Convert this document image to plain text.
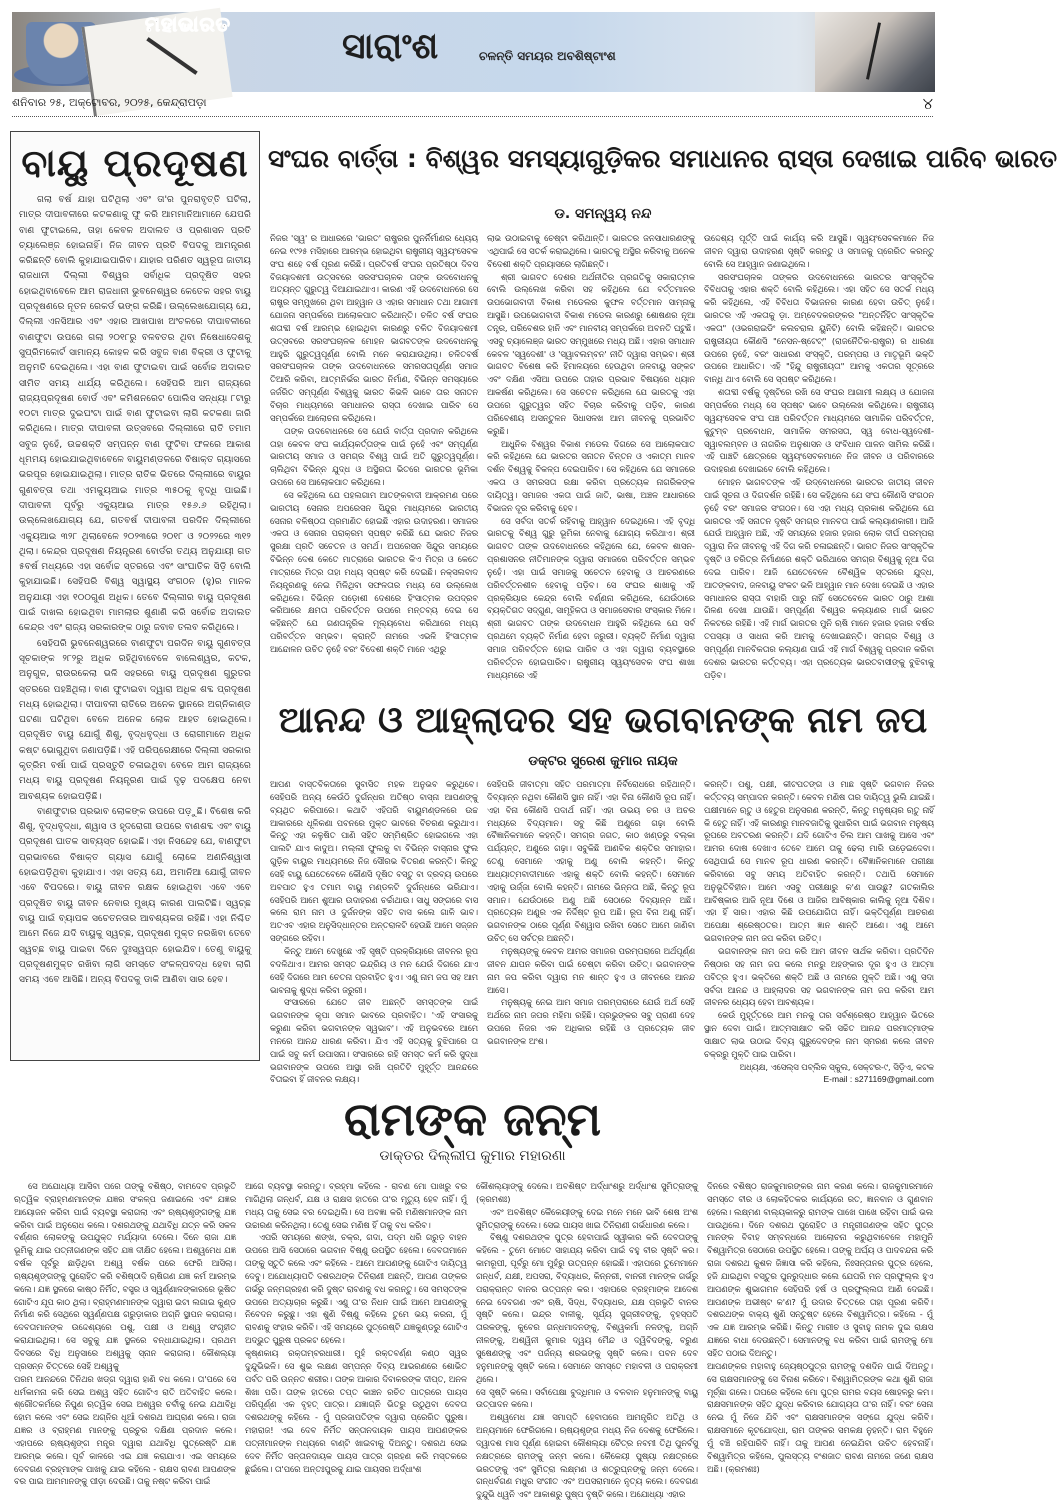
ମହାଭାରତ
ସାରାଂଶ	ଚଳନ୍ତି ସମୟର ଅବଶିଷ୍ଟାଂଶ
ଶନିବାର ୨୫, ଅକ୍ଟୋବର, ୨୦୨୫, କେନ୍ଦ୍ରାପଡ଼ା	୪
ବାୟୁ ପ୍ରଦୂଷଣ

ଗଲା ବର୍ଷ ଯାହା ଘଟିଥିଲା ଏବଂ ତା'ର ପୁନରାବୃତ୍ତି ଘଟିଲା, ମାତ୍ର ଦୀପାବଳୀରେ କଟକଣାକୁ ଫୁ କରି ଆମମାନିଆମାନେ ଯେପରି ବାଣ ଫୁଟାଇଲେ, ତାହା କେବଳ ଅଦାଲତ ଓ ପ୍ରଶାସନ ପ୍ରତି ଚ୍ୟାଲେଞ୍ଜ ହୋଇନାହିଁ। ନିଜ ଜୀବନ ପ୍ରତି ବିପଦକୁ ଆମନ୍ତ୍ରଣ କରିଛନ୍ତି ବୋଲି କୁହାଯାଇପାରିବ। ଯାହାର ପରିଣତ ସ୍ୱରୂପ ଜାତୀୟ ରାଜଧାନୀ ଦିଲ୍ଲୀ ବିଶ୍ୱର ସର୍ବାଧିକ ପ୍ରଦୂଷିତ ସହର ହୋଇଥିବାବେଳେ ଆମ ରାଜଧାନୀ ଭୁବନେଶ୍ୱର କେତେକ ସହର ବାୟୁ ପ୍ରଦୂଷଣରେ ନୂତନ ରେକର୍ଡ ଭଙ୍ଗ କରିଛି। ଉଲ୍ଲେଖଯୋଗ୍ୟ ଯେ, ଦିଲ୍ଲୀ ଏନସିଆର ଏବଂ ଏହାର ଆଖପାଖ ଅଂଚଳରେ ଦୀପାବଳୀରେ ବାଣଫୁଟା ଉପରେ ଗଲା ୨୦୧୮ରୁ ବଳବତର ଥିବା ନିଷେଧାଦେଶକୁ ସୁପ୍ରିମକୋର୍ଟ ସାମାନ୍ୟ କୋହଳ କରି ସବୁଜ ବାଣ ବିକ୍ରୀ ଓ ଫୁଟାକୁ ଅନୁମତି ଦେଇଥିଲେ। ଏହା ବାଣ ଫୁଟାଇବା ପାଇଁ ସର୍ବୋଚ୍ଚ ଅଦାଲତ ସୀମିତ ସମୟ ଧାର୍ଯ୍ୟ କରିଥିଲେ। ସେହିପରି ଆମ ରାଜ୍ୟରେ ରାଜ୍ୟପ୍ରଦୂଷଣ ବୋର୍ଡ ଏବଂ କମିଶନରେଟ ପୋଲିସ ସନ୍ଧ୍ୟା ୮ଟାରୁ ୧୦ଟା ମାତ୍ର ଦୁଇଘଂଟା ପାଇଁ ବାଣ ଫୁଟାଇବା ଲାଗି କଟକଣା ଜାରି କରିଥିଲେ। ମାତ୍ର ଦୀପାବଳୀ ଉତ୍ସବରେ ଦିଲ୍ଲୀରେ ରାତି ତମାମ ସବୁଜ ନୁହେଁ, ଉଚ୍ଚଶକ୍ତି ସମ୍ପନ୍ନ ବାଣ ଫୁଟିବା ଫଳରେ ଆକାଶ ଧୂମମୟ ହୋଇଯାଇଥିବାବେଳେ ବାୟୁମଣ୍ଡଳରେ ବିଷାକ୍ତ ଗ୍ୟାସରେ ଭରପୂର ହୋଇଯାଇଥିଲା। ମାତ୍ର ରାତିକ ଭିତରେ ଦିଲ୍ଲୀରେ ବାୟୁର ଗୁଣବତ୍ତା ତଥା ଏମକ୍ୟୁଆଇ ମାତ୍ର ୩୫୦କୁ ବୃଦ୍ଧି ପାଇଛି। ଦୀପାବଳୀ ପୂର୍ବରୁ ଏକ୍ୟୁଆଇ ମାତ୍ର ୧୫୬.୬ ରହିଥିଲା। ଉଲ୍ଲେଖଯୋଗ୍ୟ ଯେ, ଗତବର୍ଷ ଦୀପାବଳୀ ପରଦିନ ଦିଲ୍ଲୀରେ ଏକ୍ୟୁଆଇ ୩୨୮ ଥିଲାବେଳେ ୨୦୨୩ରେ ୨୦୧୮ ଓ ୨୦୨୨ରେ ୩୧୨ ଥିଲା। କେନ୍ଦ୍ର ପ୍ରଦୂଷଣ ନିୟନ୍ତ୍ରଣ ବୋର୍ଡର ତଥ୍ୟ ଅନୁଯାୟୀ ଗତ ୫ବର୍ଷ ମଧ୍ୟରେ ଏହା ସର୍ବୋଚ୍ଚ ସ୍ତରରେ ଏବଂ ସାଂଘାତିକ ସିଡ଼ି ବୋଲି କୁହାଯାଇଛି। ସେହିପରି ବିଶ୍ୱ ସ୍ୱାସ୍ଥ୍ୟ ସଂଗଠନ (ହୁ)ର ମାନକ ଅନୁଯାୟୀ ଏହା ୧୦୦ଗୁଣ ଅଧିକ। ତେବେ ଦିଲ୍ଲୀର ବାୟୁ ପ୍ରଦୂଷଣ ପାଇଁ ଦାଖଲ ହୋଇଥିବା ମାମଲାର ଶୁଣାଣି କରି ସର୍ବୋଚ୍ଚ ଅଦାଲତ କେନ୍ଦ୍ର ଏବଂ ରାଜ୍ୟ ସରକାରଙ୍କ ଠାରୁ ଜବାବ ତଲବ କରିଥିଲେ।

ସେହିପରି ଭୁବନେଶ୍ୱରରେ ବାଣଫୁଟା ପରଦିନ ବାୟୁ ଗୁଣବତ୍ତା ସୂଚକାଙ୍କ ୨୮୨ରୁ ଅଧିକ ରହିଥିବାବେଳେ ବାଲେଶ୍ୱର, କଟକ, ଅନୁଗୁଳ, ରାଉରକେଲା ଭଳି ସହରରେ ବାୟୁ ପ୍ରଦୂଷଣ ଗୁରୁତର ସ୍ତରରେ ପହଞ୍ଚିଥିଲା। ବାଣ ଫୁଟାଇବା ଦ୍ୱାରା ଅଧିକ ଶବ୍ଦ ପ୍ରଦୂଷଣ ମଧ୍ୟ ହୋଇଥିଲା। ଦୀପାବଳୀ ରାତିରେ ଅନେକ ସ୍ଥାନରେ ଅଗ୍ନିକାଣ୍ଡ ଘଟଣା ଘଟିଥିବା ବେଳେ ଅନେକ ଲୋକ ଆହତ ହୋଇଥିଲେ। ପ୍ରଦୂଷିତ ବାୟୁ ଯୋଗୁଁ ଶିଶୁ, ବୃଦ୍ଧବୃଦ୍ଧା ଓ ରୋଗୀମାନେ ଅଧିକ କଷ୍ଟ ଭୋଗୁଥିବା ଜଣାପଡ଼ିଛି। ଏହି ପରିପ୍ରେକ୍ଷୀରେ ଦିଲ୍ଲୀ ସରକାର କୃତ୍ରିମ ବର୍ଷା ପାଇଁ ପ୍ରସ୍ତୁତି ଚଳାଇଥିବା ବେଳେ ଆମ ରାଜ୍ୟରେ ମଧ୍ୟ ବାୟୁ ପ୍ରଦୂଷଣ ନିୟନ୍ତ୍ରଣ ପାଇଁ ଦୃଢ଼ ପଦକ୍ଷେପ ନେବା ଆବଶ୍ୟକ ହୋଇପଡ଼ିଛି।

ବାଣଫୁଟାର ପ୍ରଭାବ ଲୋକଙ୍କ ଉପରେ ପଡ଼ୁଛି। ବିଶେଷ କରି ଶିଶୁ, ବୃଦ୍ଧବୃଦ୍ଧା, ଶ୍ୱାସ ଓ ହୃଦରୋଗୀ ଉପରେ ବାଣଶବ୍ଦ ଏବଂ ବାୟୁ ପ୍ରଦୂଷଣ ଘାତକ ସାବ୍ୟସ୍ତ ହୋଇଛି। ଏହା ନିସନ୍ଦେହ ଯେ, ବାଣଫୁଟା ପ୍ରଭାବରେ ବିଷାକ୍ତ ଗ୍ୟାସ ଯୋଗୁଁ ଲୋକେ ଅଣନିଶ୍ୱାସୀ ହୋଇପଡ଼ିଥିବା କୁହାଯାଏ। ଏହା ସତ୍ୟ ଯେ, ଅମାନିଆ ଯୋଗୁଁ ଜୀବନ ଏବେ ବିପଦରେ। ବାୟୁ ଜୀବନ ରକ୍ଷକ ହୋଇଥିବା ଏବେ ଏବେ ପ୍ରଦୂଷିତ ବାୟୁ ଜୀବନ ନେବାର ମୁଖ୍ୟ କାରଣ ପାଲଟିଛି। ସ୍ୱଚ୍ଛ ବାୟୁ ପାଇଁ ବ୍ୟାପକ ସଚେତନତାର ଆବଶ୍ୟକତା ରହିଛି। ଏହା ନିଶ୍ଚିତ ଆମେ ନିଜେ ଯଦି ବାୟୁକୁ ସ୍ୱଚ୍ଛ, ପ୍ରଦୂଷଣ ମୁକ୍ତ ନରଖିବା ତେବେ ସ୍ୱଚ୍ଛ ବାୟୁ ପାଇବା ଦିନେ ଦୁଃସ୍ୱପ୍ନ ହୋଇଯିବ। ତେଣୁ ବାୟୁକୁ ପ୍ରଦୂଷଣମୁକ୍ତ ରଖିବା ଲାଗି ସମସ୍ତେ ସଂକଳ୍ପବଦ୍ଧ ହେବା ଲାଗି ସମୟ ଏବେ ଆସିଛି। ଅନ୍ୟ ବିପଦକୁ ଡାକି ଆଣିବା ସାର ହେବ।

ସଂଘର ବାର୍ତ୍ତା : ବିଶ୍ୱର ସମସ୍ୟାଗୁଡ଼ିକର ସମାଧାନର ରାସ୍ତା ଦେଖାଇ ପାରିବ ଭାରତ
ଡ. ସମନ୍ୱୟ ନନ୍ଦ

ନିଜର 'ସ୍ୱ' ର ଆଧାରରେ 'ଭାରତ' ରାଷ୍ଟ୍ରର ପୁନର୍ନିର୍ମାଣର ଧ୍ୟେୟ ନେଇ ୧୯୨୫ ମସିହାରେ ଆରମ୍ଭ ହୋଇଥିବା ରାଷ୍ଟ୍ରୀୟ ସ୍ୱୟଂସେବକ ସଂଘ ଶହେ ବର୍ଷ ପୂରଣ କରିଛି। ପ୍ରତିବର୍ଷ ସଂଘର ପ୍ରତିଷ୍ଠା ଦିବସ ବିଜୟାଦଶମୀ ଉତ୍ସବରେ ସରସଂଘଚାଳକ ତାଙ୍କ ଉଦବୋଧନକୁ ଅତ୍ୟନ୍ତ ଗୁରୁତ୍ୱ ଦିଆଯାଇଥାଏ। କାରଣ ଏହି ଉଦବୋଧନରେ ସେ ରାଷ୍ଟ୍ର ସମ୍ମୁଖରେ ଥିବା ଆହ୍ୱାନ ଓ ଏହାର ସମାଧାନ ତଥା ଆଗାମୀ ଯୋଜନା ସମ୍ପର୍କରେ ଆଲୋକପାତ କରିଥାନ୍ତି। ଚଳିତ ବର୍ଷ ସଂଘର ଶତାବ୍ଦୀ ବର୍ଷ ଆରମ୍ଭ ହୋଇଥିବା କାରଣରୁ ଚଳିତ ବିଜୟାଦଶମୀ ଉତ୍ସବରେ ସରସଂଘଚାଳକ ମୋହନ ଭାଗବତଙ୍କ ଉଦବୋଧନକୁ ଆହୁରି ଗୁରୁତ୍ୱପୂର୍ଣ୍ଣ ବୋଲି ମନେ କରାଯାଉଥିଲା। ଚଳିତବର୍ଷ ସରସଂଘଚାଳକ ତାଙ୍କ ଉଦବୋଧନରେ ସମରସତାପୂର୍ଣ୍ଣ ସମାଜ ତିଆରି କରିବା, ଆତ୍ମନିର୍ଭର ଭାରତ ନିର୍ମାଣ, ବିଭିନ୍ନ ସମସ୍ୟାରେ ଜର୍ଜରିତ ସମ୍ପୂର୍ଣ୍ଣ ବିଶ୍ୱକୁ ଭାରତ କିଭଳି ଭାବେ ତାର ସନାତନ ବିଚାର ମାଧ୍ୟମରେ ସମାଧାନର ରାସ୍ତା ଦେଖାଇ ପାରିବ ସେ ସମ୍ପର୍କରେ ଆଲୋଚନା କରିଥିଲେ।

ତାଙ୍କ ଉଦବୋଧନରେ ସେ ଯେଉଁ ବାର୍ତ୍ତା ପ୍ରଦାନ କରିଥିଲେ ତାହା କେବଳ ସଂଘ କାର୍ଯ୍ୟକର୍ତ୍ତାଙ୍କ ପାଇଁ ନୁହେଁ ଏବଂ ସମ୍ପୂର୍ଣ୍ଣ ଭାରତୀୟ ସମାଜ ଓ ସମଗ୍ର ବିଶ୍ୱ ପାଇଁ ଅତି ଗୁରୁତ୍ୱପୂର୍ଣ୍ଣ। ଚାଲିଥିବା ବିଭିନ୍ନ ଯୁଦ୍ଧ ଓ ଅସ୍ଥିରତା ଭିତରେ ଭାରତର ଭୂମିକା ଉପରେ ସେ ଆଲୋକପାତ କରିଥିଲେ।

ସେ କହିଥିଲେ ଯେ ପହଲଗାମ ଆତଙ୍କବାଦୀ ଆକ୍ରମଣ ପରେ ଭାରତୀୟ ସେନାର ଅପରେସନ ସିନ୍ଦୁର ମାଧ୍ୟମରେ ଭାରତୀୟ ସେନାର ବଳିଷ୍ଠତା ପ୍ରମାଣିତ ହୋଇଛି ଏହାର ଉଦାହରଣ। ସମାଜର ଏକତା ଓ ସେନାର ପରାକ୍ରମ ସ୍ପଷ୍ଟ କରିଛି ଯେ ଭାରତ ନିଜର ସୁରକ୍ଷା ପ୍ରତି ସଚେତନ ଓ ସମର୍ଥ। ଅପରେସନ ସିନ୍ଦୁର ସମୟରେ ବିଭିନ୍ନ ଦେଶ କେତେ ମାତ୍ରାରେ ଭାରତର କିଏ ମିତ୍ର ଓ କେତେ ମାତ୍ରାରେ ମିତ୍ର ତାହା ମଧ୍ୟ ସ୍ପଷ୍ଟ କରି ଦେଇଛି। ନକ୍ସଲବାଦ ନିୟନ୍ତ୍ରଣକୁ ନେଇ ମିଳିଥିବା ସଫଳତାର ମଧ୍ୟ ସେ ଉଲ୍ଲେଖ କରିଥିଲେ। ବିଭିନ୍ନ ପଡ଼ୋଶୀ ଦେଶରେ ହିଂସାତ୍ମକ ଉପଦ୍ରବ କରିଆରେ କ୍ଷମତା ପରିବର୍ତ୍ତନ ଉପରେ ମନ୍ତବ୍ୟ ଦେଇ ସେ କହିଛନ୍ତି ଯେ ଗଣତାନ୍ତ୍ରିକ ମୂଲ୍ୟବୋଧ କରିଥାରେ ମଧ୍ୟ ପରିବର୍ତ୍ତନ ସମ୍ଭବ। କ୍ରାନ୍ତି ନାମରେ ଏଭଳି ହିଂସାତ୍ମକ ଆନ୍ଦୋଳନ ଉଚିତ ନୁହେଁ ବରଂ ବିଦେଶୀ ଶକ୍ତି ମାନେ ଏଥିରୁ

ଲାଭ ଉଠାଇବାକୁ ଚେଷ୍ଟା କରିଥାନ୍ତି। ଭାରତର ଜନସାଧାରଣଙ୍କୁ ଏଥିପାଇଁ ସେ ସତର୍କ କରାଇଥିଲେ। ଭାରତକୁ ଅସ୍ଥିର କରିବାକୁ ଅନେକ ବିଦେଶୀ ଶକ୍ତି ପ୍ରୟାସରେ ଲାଗିଛନ୍ତି।

ଶ୍ରୀ ଭାଗବତ ଦେଶର ଅର୍ଥନୀତିର ପ୍ରଗତିକୁ ସକାରାତ୍ମକ ବୋଲି ଉଲ୍ଲେଖ କରିବା ସହ କହିଥିଲେ ଯେ ବର୍ତ୍ତମାନର ଉପଭୋଗବାଦୀ ବିକାଶ ମଡେଲର କୁଫଳ ବର୍ତ୍ତମାନ ସାମ୍ନାକୁ ଆସୁଛି। ଉପଭୋଗବାଦୀ ବିକାଶ ମଡେଲ କାରଣରୁ ଶୋଷଣର ନୂଆ ତନ୍ତ୍ର, ପରିବେଶର ହାନି ଏବଂ ମାନବୀୟ ସମ୍ପର୍କରେ ଅବନତି ଘଟୁଛି। ଏସବୁ ଚ୍ୟାଲେଞ୍ଜ ଭାରତ ସମ୍ମୁଖରେ ମଧ୍ୟ ଅଛି। ଏହାର ସମାଧାନ କେବଳ 'ସ୍ୱଦେଶୀ' ଓ 'ସ୍ୱାବଲମ୍ବନ' ନୀତି ଦ୍ୱାରା ସମ୍ଭବ। ଶ୍ରୀ ଭାଗବତ ବିଶେଷ କରି ହିମାଳୟରେ ହେଉଥିବା ଜଳବାୟୁ ସଙ୍କଟ ଏବଂ ଦକ୍ଷିଣ ଏସିଆ ଉପରେ ତାହାର ପ୍ରଭାବ ବିଷୟରେ ଧ୍ୟାନ ଆକର୍ଷଣ କରିଥିଲେ। ସେ ସଚେତନ କରିଥିଲେ ଯେ ଭାରତକୁ ଏହା ଉପରେ ଗୁରୁତ୍ୱର ସହିତ ବିଚାର କରିବାକୁ ପଡ଼ିବ, କାରଣ ପରିବେଶୀୟ ଅସନ୍ତୁଳନ ସିଧାସଳଖ ଆମ ଜୀବନକୁ ପ୍ରଭାବିତ କରୁଛି।

ଆଧୁନିକ ବିଶ୍ୱର ବିକାଶ ମଡେଲ ଦିଗରେ ସେ ଆଲୋକପାତ କରି କହିଥିଲେ ଯେ ଭାରତର ସନାତନ ଚିନ୍ତନ ଓ ଏକାତ୍ମ ମାନବ ଦର୍ଶନ ବିଶ୍ୱକୁ ବିକଳ୍ପ ଦେଇପାରିବ। ସେ କହିଥିଲେ ଯେ ସମାଜରେ ଏକତା ଓ ସମରସତା ରକ୍ଷା କରିବା ପ୍ରତ୍ୟେକ ନାଗରିକଙ୍କ ଦାୟିତ୍ୱ। ସମାଜର ଏକତା ପାଇଁ ଜାତି, ଭାଷା, ଅଞ୍ଚଳ ଆଧାରରେ ବିଭାଜନ ଦୂର କରିବାକୁ ହେବ।

ସେ ସର୍ବଦା ସତର୍କ ରହିବାକୁ ଆହ୍ୱାନ ଦେଇଥିଲେ। ଏହି ବୃଦ୍ଧି ଭାରତକୁ ବିଶ୍ୱ ଗୁରୁ ଭୂମିକା ନେବାକୁ ଯୋଗ୍ୟ କରିଥାଏ। ଶ୍ରୀ ଭାଗବତ ତାଙ୍କ ଉଦବୋଧନରେ କହିଥିଲେ ଯେ, କେବଳ ଶାସନ-ପ୍ରଶାସନର ନୀତିମାନଙ୍କ ଦ୍ୱାରା ସମାଜରେ ପରିବର୍ତ୍ତନ ସମ୍ଭବ ନୁହେଁ। ଏହା ପାଇଁ ସମାଜକୁ ସଚେତନ ହେବାକୁ ଓ ଆଚରଣରେ ପରିବର୍ତ୍ତନଶୀଳ ହେବାକୁ ପଡ଼ିବ। ସେ ସଂଘର ଶାଖାକୁ ଏହି ପ୍ରକ୍ରିୟାର କେନ୍ଦ୍ର ବୋଲି ବର୍ଣ୍ଣନା କରିଥିଲେ, ଯେଉଁଠାରେ ବ୍ୟକ୍ତିଗତ ସଦ୍‌ଗୁଣ, ସାମୂହିକତା ଓ ସମାଜସେବାର ସଂସ୍କାର ମିଳେ। ଶ୍ରୀ ଭାଗବତ ତାଙ୍କ ଉଦବୋଧନ ଆହୁରି କହିଥିଲେ ଯେ ସର୍ବ ପ୍ରଥମେ ବ୍ୟକ୍ତି ନିର୍ମାଣ ହେବା ଜରୁରୀ। ବ୍ୟକ୍ତି ନିର୍ମାଣ ଦ୍ୱାରା ସମାଜ ପରିବର୍ତ୍ତନ ହୋଇ ପାରିବ ଓ ଏହା ଦ୍ୱାରା ବ୍ୟବସ୍ଥାରେ ପରିବର୍ତ୍ତନ ହୋଇପାରିବ। ରାଷ୍ଟ୍ରୀୟ ସ୍ୱୟଂସେବକ ସଂଘ ଶାଖା ମାଧ୍ୟମରେ ଏହି

ଉଦ୍ଦେଶ୍ୟ ପୂର୍ତ୍ତି ପାଇଁ କାର୍ଯ୍ୟ କରି ଆସୁଛି। ସ୍ୱୟଂସେବକମାନେ ନିଜ ଜୀବନ ଦ୍ୱାରା ଉଦାହରଣ ସୃଷ୍ଟି କରନ୍ତୁ ଓ ସମାଜକୁ ପ୍ରେରିତ କରନ୍ତୁ ବୋଲି ସେ ଆହ୍ୱାନ ଜଣାଇଥିଲେ।

ସରସଂଘଚାଳକ ତାଙ୍କର ଉଦବୋଧନରେ ଭାରତର ସାଂସ୍କୃତିକ ବିବିଧତାକୁ ଏହାର ଶକ୍ତି ବୋଲି କହିଥିଲେ। ଏହା ସହିତ ସେ ସତର୍କ ମଧ୍ୟ କରି କହିଥିଲେ, ଏହି ବିବିଧତା ବିଭାଜନର କାରଣ ହେବା ଉଚିତ୍ ନୁହେଁ। ଭାରତର ଏହି ଏକତାକୁ ଡ଼ା. ଅମ୍ବେଦକରଙ୍କର "ଅନ୍ତର୍ନିହିତ ସାଂସ୍କୃତିକ ଏକତା" (ଓଭରରାଇଡିଂ କଲଚରାଲ ୟୁନିଟି) ବୋଲି କହିଛନ୍ତି। ଭାରତର ରାଷ୍ଟ୍ରୀୟତା କୌଣସି "ନେସନ-ଷ୍ଟେଟ୍" (ରାଜନୈତିକ-ରାଷ୍ଟ୍ର) ର ଧାରଣା ଉପରେ ନୁହେଁ, ବରଂ ସାଧାରଣ ସଂସ୍କୃତି, ପରମ୍ପରା ଓ ମାତୃଭୂମି ଭକ୍ତି ଉପରେ ଆଧାରିତ। ଏହି "ହିନ୍ଦୁ ରାଷ୍ଟ୍ରୀୟତା" ଆମକୁ ଏକତାର ସୂତ୍ରରେ ବାନ୍ଧି ଥାଏ ବୋଲି ସେ ସ୍ପଷ୍ଟ କରିଥିଲେ।

ଶତାବ୍ଦୀ ବର୍ଷକୁ ଦୃଷ୍ଟିରେ ରଖି ସେ ସଂଘର ଆଗାମୀ ଲକ୍ଷ୍ୟ ଓ ଯୋଜନା ସମ୍ପର୍କରେ ମଧ୍ୟ ସେ ସ୍ପଷ୍ଟ ଭାବେ ଉଲ୍ଲେଖ କରିଥିଲେ। ରାଷ୍ଟ୍ରୀୟ ସ୍ୱୟଂସେବକ ସଂଘ ପଞ୍ଚ ପରିବର୍ତ୍ତନ ମାଧ୍ୟମରେ ସାମାଜିକ ପରିବର୍ତ୍ତନ, କୁଟୁମ୍ବ ପ୍ରବୋଧନ, ସାମାଜିକ ସମରସତା, ସ୍ୱ ବୋଧ-ସ୍ୱଦେଶୀ-ସ୍ୱାବଲମ୍ବନ ଓ ନାଗରିକ ଅନୁଶାସନ ଓ ସଂବିଧାନ ପାଳନ ସାମିଲ କରିଛି। ଏହି ପାଞ୍ଚଟି କ୍ଷେତ୍ରରେ ସ୍ୱୟଂସେବକମାନେ ନିଜ ଜୀବନ ଓ ପରିବାରରେ ଉଦାହରଣ ଦେଖାଇବେ ବୋଲି କହିଥିଲେ।

ମୋହନ ଭାଗବତଙ୍କ ଏହି ଉଦ୍‌ବୋଧନରେ ଭାରତର ଜାତୀୟ ଜୀବନ ପାଇଁ ସୂଚନା ଓ ଦିଗଦର୍ଶନ ରହିଛି। ସେ କହିଥିଲେ ଯେ ସଂଘ କୌଣସି ସଂଗଠନ ନୁହେଁ ବରଂ ସମାଜର ସଂଗଠନ। ସେ ଏହା ମଧ୍ୟ ପ୍ରକାଶ କରିଥିଲେ ଯେ ଭାରତର ଏହି ସନାତନ ଦୃଷ୍ଟି ସମଗ୍ର ମାନବତା ପାଇଁ କଲ୍ୟାଣକାରୀ। ଆଜି ଯେଉଁ ଆହ୍ୱାନ ଅଛି, ଏହି ସମୟରେ ହଜାର ହଜାର ଲୋକ ଦୀର୍ଘ ପରମ୍ପରା ଦ୍ୱାରା ନିଜ ଜୀବନକୁ ଏହି ଦିଗ କରି ଚଳାଇଛନ୍ତି। ଭାରତ ନିଜର ସାଂସ୍କୃତିକ ଦୃଷ୍ଟି ଓ ଚରିତ୍ର ନିର୍ମାଣରେ ଶକ୍ତି ଭରିଥାରେ ସମଗ୍ର ବିଶ୍ୱକୁ ନୂଆ ଦିଗ ଦେଇ ପାରିବ। ଆଜି ଯେତେବେଳେ ବୈଶ୍ୱିକ ସ୍ତରରେ ଯୁଦ୍ଧ, ଆତଙ୍କବାଦ, ଜଳବାୟୁ ସଂକଟ ଭଳି ଆହ୍ୱାନ ମାନ ଦେଖା ଦେଇଛି ଓ ଏହାର ସମାଧାନର ରାସ୍ତା ବାହାରି ପାରୁ ନାହିଁ ସେତେବେଳେ ଭାରତ ଠାରୁ ଆଶା ଗିଳଣ ଦେଖା ଯାଉଛି। ସମ୍ପୂର୍ଣ୍ଣ ବିଶ୍ୱର କଲ୍ୟାଣର ମାର୍ଗ ଭାରତ ନିକଟରେ ରହିଛି। ଏହି ମାର୍ଗ ଭାରତର ମୁନି ଋଷି ମାନେ ହଜାର ହଜାର ବର୍ଷର ତପସ୍ୟା ଓ ସାଧନା କରି ଆମକୁ ଦେଖାଇଛନ୍ତି। ସମଗ୍ର ବିଶ୍ୱ ଓ ସମ୍ପୂର୍ଣ୍ଣ ମାନବିକତାର କଲ୍ୟାଣ ପାଇଁ ଏହି ମାର୍ଗ ବିଶ୍ୱକୁ ପ୍ରଦାନ କରିବା ଦେଶର ଭାରତର କର୍ତ୍ତବ୍ୟ। ଏହା ପ୍ରତ୍ୟେକ ଭାରତବାସୀଙ୍କୁ ବୁଝିବାକୁ ପଡ଼ିବ।

ଆନନ୍ଦ ଓ ଆହ୍ଲାଦର ସହ ଭଗବାନଙ୍କ ନାମ ଜପ
ଡକ୍ଟର ସୁରେଶ କୁମାର ନାୟକ

ଆପଣ ବାସ୍ତବିକତାରେ ସୁବାସିତ ମହକ ଅନୁଭବ କରୁଥିବେ। ସେହିପରି ଅନ୍ୟ କେଉଁଠି ଦୁର୍ଗନ୍ଧର ଅତିଷ୍ଠ ବାସ୍ନା ଆପଣଙ୍କୁ ବ୍ୟଥିତ କରିପାରେ। କଥାଟି ଏହିପରି ବାୟୁମଣ୍ଡଳରେ ଉଚ୍ଚ ଆକାରରେ ଧୂଳିକଣା ପବନରେ ମୁକ୍ତ ଭାବରେ ବିଚରଣ କରୁଥାଏ। କିନ୍ତୁ ଏହା କଳୁଷିତ ପାଣି ସହିତ ସମ୍ମିଶ୍ରିତ ହୋଇଗଲେ ଏହା ପାଲଟି ଯାଏ କାଦୁଅ। ମଲ୍ଲୀ ଫୁଲକୁ ବା ବିଭିନ୍ନ ବାସ୍ନାର ଫୁଲ ଗୁଡ଼ିକ ବାୟୁର ମାଧ୍ୟମରେ ନିଜ ସୌରଭ ବିତରଣ କରନ୍ତି। କିନ୍ତୁ ସେହି ବାୟୁ ଯେତେବେଳେ କୌଣସି ଦୂଷିତ ବସ୍ତୁ ବା ଦ୍ରବ୍ୟ ଉପରେ ଅବପାତ ହୁଏ ତମାମ ବାୟୁ ମଣ୍ଡଳଟି ଦୁର୍ଗନ୍ଧରେ ଭରିଯାଏ। ସେହିପରି ଆମେ ଶୁଆର ଉଦାହରଣ ଚର୍ଚ୍ଚାଥାଉ। ସାଧୁ ସଙ୍ଗରେ ବାସ କଲେ ରାମ ନାମ ଓ ଦୁର୍ଜନଙ୍କ ସହିତ ବାସ କଲେ ଗାଳି ଭାବ। ଅତଏବ ଏହାର ଅନୁସିଦ୍ଧାନ୍ତର ଅନ୍ତରାଳଟି ହେଉଛି ଆମେ ସଜ୍ଜନ ସଙ୍ଗରେ ରହିବା।

କିନ୍ତୁ ଆମେ ଦେଖୁଛେ ଏହି ସୃଷ୍ଟି ପ୍ରକ୍ରିୟାରେ ଜୀବନର ରୂପ ବଦଳିଥାଏ। ଆମର ସମସ୍ତ ଇନ୍ଦ୍ରିୟ ଓ ମନ ଯେଉଁ ଦିଗରେ ଯାଏ ସେହି ଦିଗରେ ଆମ ଚେତନା ପ୍ରବାହିତ ହୁଏ। ଏଣୁ ନାମ ଜପ ସହ ଆମ ଭାବନାକୁ ଶୁଦ୍ଧ କରିବା ଜରୁରୀ।

ସଂସାରରେ ଯେତେ ଜୀବ ଅଛନ୍ତି ସମସ୍ତଙ୍କ ପାଇଁ ଭଗବାନଙ୍କ କୃପା ସମାନ ଭାବରେ ପ୍ରବାହିତ। 'ଏହି ସଂସାରକୁ କରୁଣା କରିବା ଭଗବାନଙ୍କ ସ୍ୱଭାବ'। ଏହି ଅନୁଭବରେ ଆମେ ମନରେ ଆନନ୍ଦ ଧାରଣ କରିବା। ଯିଏ ଏହି ସତ୍ୟକୁ ବୁଝିପାରେ ତା ପାଇଁ ସବୁ କର୍ମ ଉପାସନା। ସଂସାରରେ ରହି ସମସ୍ତ କର୍ମ କରି ସୁଦ୍ଧା ଭଗବାନଙ୍କ ଉପରେ ଆସ୍ଥା ରଖି ପ୍ରତିଟି ମୁହୂର୍ତ୍ତ ଆନନ୍ଦରେ ବିତାଇବା ହିଁ ଜୀବନର ଲକ୍ଷ୍ୟ।

ସେହିପରି ଜୀବାତ୍ମା ସହିତ ପରମାତ୍ମା ନିର୍ବିରୋଧରେ ରହିଥାନ୍ତି। ଦିବ୍ୟାନ୍ନ ନଥିବା କୌଣସି ସ୍ଥାନ ନାହିଁ। ଏହା ବିନା କୌଣସି ରୂପ ନାହିଁ। ଏହା ବିନା କୌଣସି ପଦାର୍ଥ ନାହିଁ। ଏହା ଉଭୟ ଚର ଓ ଅଚର ମଧ୍ୟରେ ବିଦ୍ୟମାନ। ସବୁ କିଛି ଅଣୁରେ ଗଢ଼ା ବୋଲି ବୈଜ୍ଞାନିକମାନେ କହନ୍ତି। ସମଗ୍ର ଜଗତ, କାଠ ଖଣ୍ଡରୁ ବଲ୍କା ପର୍ଯ୍ୟନ୍ତ, ଅଣୁରେ ଗଢ଼ା। ସବୁକିଛି ଆଣବିକ ଶକ୍ତିର ସମାହାର। ତେଣୁ ସେମାନେ ଏହାକୁ ଅଣୁ ବୋଲି କହନ୍ତି। କିନ୍ତୁ ଆଧ୍ୟାତ୍ମବାଦୀମାନେ ଏହାକୁ ଶକ୍ତି ବୋଲି କହନ୍ତି। ସେମାନେ ଏହାକୁ ଉର୍ଜ୍ଜା ବୋଲି କହନ୍ତି। ନାମରେ ଭିନ୍ନତା ଅଛି, କିନ୍ତୁ ରୂପ ସମାନ। ଯେଉଁଠାରେ ଅଣୁ ଅଛି ସେଠାରେ ଦିବ୍ୟାନ୍ନ ଅଛି। ପ୍ରତ୍ୟେକ ଅଣୁର ଏକ ନିର୍ଦ୍ଦିଷ୍ଟ ରୂପ ଅଛି। ରୂପ ବିନା ଅଣୁ ନାହିଁ। ଭଗବାନଙ୍କ ଠାରେ ପୂର୍ଣ୍ଣ ବିଶ୍ୱାସ ରଖିବା ସେତେ ଆମେ ଜାଣିବା ଉଚିତ୍ ସେ ସର୍ବତ୍ର ଅଛନ୍ତି।

ମନୁଷ୍ୟଙ୍କୁ କେବଳ ଆମର ସମାଜର ପରମ୍ପରାରେ ଅର୍ଥପୂର୍ଣ୍ଣ ଜୀବନ ଯାପନ କରିବା ପାଇଁ ଚେଷ୍ଟା କରିବା ଉଚିତ୍। ଭଗବାନଙ୍କ ନାମ ଜପ କରିବା ଦ୍ୱାରା ମନ ଶାନ୍ତ ହୁଏ ଓ ଜୀବନରେ ଆନନ୍ଦ ଆସେ।

ମନୁଷ୍ୟକୁ ନେଇ ଆମ ସମାଜ ପରମ୍ପରାରେ ଯେଉଁ ଅର୍ଥ ସେହି ଅର୍ଥରେ ନାମ ଜପର ମହିମା ରହିଛି। ପ୍ରଭୁଙ୍କର ସବୁ ପ୍ରାଣୀ ଦେହ ଉପରେ ନିଜର ଏକ ଅଧିକାର ରହିଛି ଓ ପ୍ରତ୍ୟେକ ଜୀବ ଭଗବାନଙ୍କ ଅଂଶ।

କରନ୍ତି। ପଶୁ, ପକ୍ଷୀ, କୀଟପତଙ୍ଗ ଓ ମାଛ ସୃଷ୍ଟି ଭଗବାନ ନିଜର କର୍ତ୍ତବ୍ୟ ସମ୍ପାଦନ କରନ୍ତି। କେବଳ ମଣିଷ ତାର ଦାୟିତ୍ୱ ଭୁଲି ଯାଇଛି। ପକ୍ଷୀମାନେ ଋତୁ ଓ ହେତୁର ଅନୁସରଣ କରନ୍ତି, କିନ୍ତୁ ମନୁଷ୍ୟର ଋତୁ ନାହିଁ କି ହେତୁ ନାହିଁ। ଏହି କାରଣରୁ ମାନବଜାତିକୁ ସୁଧାରିବା ପାଇଁ ଭଗବାନ ମନୁଷ୍ୟ ରୂପରେ ଅବତରଣ କରନ୍ତି। ଯଦି ଗୋଟିଏ ଚିଲ ଆମ ପାଖକୁ ଆସେ ଏବଂ ଆମର ଦୋଷ ଦେଖାଏ ତେବେ ଆମେ ତାକୁ ଢେଲା ମାରି ଉଡ଼େଇଦେବା। ସେଥିପାଇଁ ସେ ମାନବ ରୂପ ଧାରଣ କରନ୍ତି। ବୈଜ୍ଞାନିକମାନେ ପରୀକ୍ଷା କରିବାରେ ସବୁ ସମୟ ଅତିବାହିତ କରନ୍ତି। ତଥାପି ସେମାନେ ଅନୁଭୂତିବିହୀନ। ଆମେ ଏସବୁ ପରୀକ୍ଷାରୁ କ'ଣ ପାଉଛୁ? ଗତକାଲିର ଆବିଷ୍କାର ଆଜି ନୂଆ ଦିଶେ ଓ ଆଜିର ଆବିଷ୍କାର କାଲିକୁ ନୂଆ ଦିଶିବ। ଏହା ହିଁ ସାର। ଏହାର କିଛି ଉପଯୋଗିତା ନାହିଁ। ଭକ୍ତିପୂର୍ଣ୍ଣ ଆଚରଣ ଅପେକ୍ଷା ଶ୍ରେଷ୍ଠତର। ଆତ୍ମ ଜ୍ଞାନ ଶାନ୍ତି ଆଣେ। ଏଣୁ ଆମେ ଭଗବାନଙ୍କ ନାମ ଜପ କରିବା ଉଚିତ୍।

ଭଗବାନଙ୍କ ନାମ ଜପ କରି ଆମ ଜୀବନ ସାର୍ଥକ କରିବା। ପ୍ରତିଦିନ ନିଷ୍ଠାର ସହ ନାମ ଜପ କଲେ ମନରୁ ଅହଙ୍କାର ଦୂର ହୁଏ ଓ ଆତ୍ମା ପବିତ୍ର ହୁଏ। ଭକ୍ତିରେ ଶକ୍ତି ଅଛି ଓ ନାମରେ ମୁକ୍ତି ଅଛି। ଏଣୁ ସଦା ସର୍ବଦା ଆନନ୍ଦ ଓ ଆହ୍ଲାଦର ସହ ଭଗବାନଙ୍କ ନାମ ଜପ କରିବା ଆମ ଜୀବନର ଧ୍ୟେୟ ହେବା ଆବଶ୍ୟକ।

କେଉଁ ମୁହୂର୍ତ୍ତରେ ଆମ ମନକୁ ତାର ସର୍ବଶ୍ରେଷ୍ଠ ଆହ୍ୱାନ ଭିତରେ ସ୍ଥାନ ଦେବା ପାଇଁ। ଆତ୍ମସାକ୍ଷାତ କରି ସଚ୍ଚିତ ଆନନ୍ଦ ପରମାତ୍ମାଙ୍କ ସାକ୍ଷାତ ଲାଭ ଉଠାଇ ଦିବ୍ୟ ଗୁରୁଦେବଙ୍କ ନାମ ସ୍ମରଣ କଲେ ଜୀବନ ଚକ୍ରରୁ ମୁକ୍ତି ପାଇ ପାରିବା।

ଅଧ୍ୟକ୍ଷ, ଏସେଲ୍ସ ପବ୍ଲିକ ସ୍କୁଲ, ସେକ୍ଟର-୯, ସିଡ଼ିଏ, କଟକ

E-mail : s271169@gmail.com

ରାମଙ୍କ ଜନ୍ମ
ଡାକ୍ତର ଦିଲ୍ଲୀପ କୁମାର ମହାରଣା

ସେ ଅଯୋଧ୍ୟା ଆସିବା ପରେ ତାଙ୍କୁ ବଶିଷ୍ଠ, ବାମଦେବ ପ୍ରଭୃତି ଋତ୍ୱିକ ବ୍ରାହ୍ମଣମାନଙ୍କ ଯଜ୍ଞର ସଂକଳ୍ପ ଜଣାଇଲେ ଏବଂ ଯଜ୍ଞର ଆୟୋଜନ କରିବା ପାଇଁ ବ୍ୟବସ୍ଥା କରାଗଲା ଏବଂ ଋଷ୍ୟଶୃଙ୍ଗଙ୍କୁ ଯଜ୍ଞ କରିବା ପାଇଁ ଅନୁରୋଧ କଲେ। ଦଶରଥଙ୍କୁ ଯଥାବିଧି ଯତ୍ନ କରି ସକଳ ବର୍ଣ୍ଣର ଲୋକଙ୍କୁ ଉପଯୁକ୍ତ ମର୍ଯ୍ୟାଦା ଦେଲେ। ଦିନେ ରାଜା ଯଜ୍ଞ ଭୂମିକୁ ଯାଇ ପତ୍ନୀଗଣଙ୍କ ସହିତ ଯଜ୍ଞ ଦୀକ୍ଷିତ ହେଲେ। ଅଶ୍ୱମେଧ ଯଜ୍ଞ ବର୍ଷକ ପୂର୍ବରୁ ଛାଡ଼ିଥିବା ଅଶ୍ୱ ବର୍ଷକ ପରେ ଫେରି ଆସିଲା। ଋଷ୍ୟଶୃଙ୍ଗଙ୍କୁ ପୁରୋହିତ କରି ବଶିଷ୍ଠାଦି ଋଷିଗଣ ଯଜ୍ଞ କର୍ମ ଆରମ୍ଭ କଲେ। ଯଜ୍ଞ ସ୍ଥଳରେ କାଷ୍ଠ ନିର୍ମିତ, ବସ୍ତ୍ର ଓ ସ୍ୱର୍ଣ୍ଣାଳଙ୍କାରରେ ଭୂଷିତ ଗୋଟିଏ ଯୂପ କାଠ ଥିଲା। ବ୍ରାହ୍ମଣମାନଙ୍କ ଦ୍ୱାରା ଇଟା ଲଗାଇ କୁଣ୍ଡ ନିର୍ମାଣ କରି ସେଥିରେ ସ୍ୱର୍ଣ୍ଣପକ୍ଷ ଗରୁଡ଼ାକାର ଅଗ୍ନି ସ୍ଥାପନ କରାଗଲା। ଦେବତାମାନଙ୍କ ଉଦ୍ଦେଶ୍ୟରେ ପଶୁ, ପକ୍ଷୀ ଓ ଅଶ୍ୱ ସଂଗୃହୀତ କରାଯାଇଥିଲା। ସେ ସବୁକୁ ଯଜ୍ଞ ସ୍ଥଳରେ ବନ୍ଧାଯାଇଥିଲା। ପ୍ରଥମ ଦିବସରେ ବିଧି ଅନୁସାରେ ଅଶ୍ୱକୁ ସ୍ନାନ କରାଗଲା। କୌଶଲ୍ୟା ପ୍ରସନ୍ନ ଚିତ୍ତରେ ସେହି ଅଶ୍ୱକୁ

ପରମ ଆନନ୍ଦରେ ତିନିଥର ଖଡ୍ଗ ଦ୍ୱାରା ହାଣି ବଧ କଲେ। ତା'ପରେ ସେ ଧର୍ମକାମନା କରି ସେଇ ଅଶ୍ୱ ସହିତ ଗୋଟିଏ ରାତି ଅତିବାହିତ କଲେ। ଶ୍ରୌତକର୍ମରେ ନିପୁଣ ଋତ୍ୱିକ ସେଇ ଅଶ୍ୱର ଚର୍ବୀକୁ ନେଇ ଯଥାବିଧି ହୋମ କଲେ ଏବଂ ସେଇ ଅଗ୍ନିର ଧୂଆଁ ଦଶରଥ ଆଘ୍ରାଣ କଲେ। ରାଜା ଯଜ୍ଞର ଓ ବ୍ରାହ୍ମଣ ମାନଙ୍କୁ ପ୍ରଚୁର ଦକ୍ଷିଣା ପ୍ରଦାନ କଲେ। ଏହାପରେ ଋଷ୍ୟଶୃଙ୍ଗ ମନ୍ତ୍ର ଦ୍ୱାରା ଯଥାବିଧି ପୁତ୍ରେଷ୍ଟି ଯଜ୍ଞ ଆରମ୍ଭ କଲେ। ପୂର୍ବ କାଳରେ ଏଇ ଯଜ୍ଞ କରାଯାଏ। ଏଇ ସମୟରେ ଦେବଗଣ ବ୍ରହ୍ମାଙ୍କ ପାଖକୁ ଯାଇ କହିଲେ - ରାକ୍ଷସ ରାବଣ ଆପଣଙ୍କ ବର ପାଇ ଆମମାନଙ୍କୁ ପୀଡ଼ା ଦେଉଛି। ତାକୁ ନଷ୍ଟ କରିବା ପାଇଁ

ଆଗେ ବ୍ୟବସ୍ଥା କରନ୍ତୁ। ବ୍ରହ୍ମା କହିଲେ - ରାବଣ ମୋ ପାଖରୁ ବର ମାଗିଥିଲା ଗନ୍ଧର୍ବ, ଯକ୍ଷ ଓ ରାକ୍ଷସ ହାତରେ ତା'ର ମୃତ୍ୟୁ ହେବ ନାହିଁ। ମୁଁ ମଧ୍ୟ ତାକୁ ସେଇ ବର ଦେଇଥିଲି। ସେ ଅବଜ୍ଞା କରି ମଣିଷମାନଙ୍କ ନାମ ଉଚ୍ଚାରଣ କରିନଥିଲା। ତେଣୁ ସେଇ ମଣିଷ ହିଁ ତାକୁ ବଧ କରିବ।

ଏପରି ସମୟରେ ଶଙ୍ଖ, ଚକ୍ର, ଗଦା, ପଦ୍ମ ଧରି ଗରୁଡ଼ ବାହନ ଉପରେ ଆସି ସେଠାରେ ଭଗବାନ ବିଷ୍ଣୁ ଉପସ୍ଥିତ ହେଲେ। ଦେବତାମାନେ ତାଙ୍କୁ ସ୍ତୁତି କଲେ ଏବଂ କହିଲେ - ଆମେ ଆପଣଙ୍କୁ ଗୋଟିଏ ଦାୟିତ୍ୱ ଦେବୁ। ଅଯୋଧ୍ୟାପତି ଦଶରଥଙ୍କ ତିନିରାଣୀ ଅଛନ୍ତି, ଆପଣ ତାଙ୍କର ଗର୍ଭରୁ ଜନ୍ମଗ୍ରହଣ କରି ଦୁଷ୍ଟ ରାବଣକୁ ବଧ କରନ୍ତୁ। ସେ ସମସ୍ତଙ୍କ ଉପରେ ଅତ୍ୟାଚାର କରୁଛି। ଏଣୁ ତା'ର ନିଧନ ପାଇଁ ଆମେ ଆପଣଙ୍କୁ ନିବେଦନ କରୁଛୁ। ଏହା ଶୁଣି ବିଷ୍ଣୁ କହିଲେ ତୁମେ ଭୟ କରନା, ମୁଁ ରାବଣକୁ ସଂହାର କରିବି। ଏହି ସମୟରେ ପୁତ୍ରେଷ୍ଟି ଯଜ୍ଞକୁଣ୍ଡରୁ ଗୋଟିଏ ଅଦ୍ଭୁତ ପୁରୁଷ ପ୍ରକଟ ହେଲେ।

କୃଷ୍ଣକାୟ ରକ୍ତାମ୍ବରଧାରୀ। ମୁହଁ ରକ୍ତବର୍ଣ୍ଣ କଣ୍ଠ ସ୍ୱର ଦୁନ୍ଦୁଭିଭଳି। ସେ ଶୁଭ ଲକ୍ଷଣ ସମ୍ପନ୍ନ ଦିବ୍ୟ ଆଭରଣରେ ଶୋଭିତ ପର୍ବତ ପରି ଉନ୍ନତ ଶରୀର। ତାଙ୍କ ଆକାର ଦିବାକରଙ୍କ ଦୀପ୍ତ, ଅନଳ ଶିଖା ପରି। ତାଙ୍କ ହାତରେ ତପ୍ତ କାଞ୍ଚନ ରଚିତ ପାତ୍ରରେ ପାୟସ ପରିପୂର୍ଣ୍ଣ ଏକ ବୃହତ୍ ପାତ୍ର। ଯଜ୍ଞାଗ୍ନି ଭିତରୁ ଉଠୁଥିବା ଦେବତା ଦଶରଥଙ୍କୁ କହିଲେ - ମୁଁ ପ୍ରଜାପତିଙ୍କ ଦ୍ୱାରା ପ୍ରେରିତ ପୁରୁଷ। ମହାରାଜ! ଏଇ ଦେବ ନିର୍ମିତ ସନ୍ତାନଦାୟକ ପାୟସ ଆପଣଙ୍କର ପତ୍ନୀମାନଙ୍କ ମଧ୍ୟରେ ବାଣ୍ଟି ଖାଇବାକୁ ଦିଅନ୍ତୁ। ଦଶରଥ ସେଇ ଦେବ ନିର୍ମିତ ସନ୍ତାନଦାୟକ ପାୟସ ପାତ୍ର ଗ୍ରହଣ କରି ମସ୍ତକରେ ଛୁଇଁଲେ। ତା'ପରେ ଅନ୍ତଃପୁରକୁ ଯାଇ ପାୟସର ଅର୍ଦ୍ଧାଂଶ

କୌଶଲ୍ୟାଙ୍କୁ ଦେଲେ। ଅବଶିଷ୍ଟ ଅର୍ଦ୍ଧାଂଶରୁ ଅର୍ଦ୍ଧାଂଶ ସୁମିତ୍ରାଙ୍କୁ (କ୍ରମଶଃ)

ଏବଂ ଅବଶିଷ୍ଟ କୈକେୟୀଙ୍କୁ ଦେଇ ମନେ ମନେ ଭାବି ଶେଷ ଅଂଶ ସୁମିତ୍ରାଙ୍କୁ ଦେଲେ। ସେଇ ପାୟସ ଖାଇ ତିନିରାଣୀ ଗର୍ଭଧାରଣ କଲେ।

ବିଷ୍ଣୁ ଦଶରଥଙ୍କ ପୁତ୍ର ହେବାପାଇଁ ସ୍ୱୀକାର କରି ଦେବତାଙ୍କୁ କହିଲେ - ତୁମେ ମୋତେ ସାହାଯ୍ୟ କରିବା ପାଇଁ ବହୁ ବୀର ସୃଷ୍ଟି କର। କାମରୂପୀ, ପୂର୍ବରୁ ମୋ ମୁହଁରୁ ଉତ୍ପନ୍ନ ହୋଇଛି। ଏହାପରେ ତୁମେମାନେ ଗନ୍ଧର୍ବ, ଯକ୍ଷୀ, ଅପସରା, ବିଦ୍ୟାଧର, କିନ୍ନରୀ, ବାନରୀ ମାନଙ୍କ ଗର୍ଭରୁ ପରାକ୍ରାନ୍ତ ବାନର ଉତ୍ପନ୍ନ କର। ଏହାପରେ ବ୍ରହ୍ମାଙ୍କ ଆଦେଶ ନେଇ ଦେବଗଣ ଏବଂ ଋଷି, ସିଦ୍ଧ, ବିଦ୍ୟାଧର, ଯକ୍ଷ ପ୍ରଭୃତି ବାନର ସୃଷ୍ଟି କଲେ। ଇନ୍ଦ୍ର ବାଳୀକୁ, ସୂର୍ଯ୍ୟ ସୁଗ୍ରୀବଙ୍କୁ, ବୃହସ୍ପତି ତାରକଙ୍କୁ, କୁବେର ଗନ୍ଧମାଦନଙ୍କୁ, ବିଶ୍ୱକର୍ମା ନଳଙ୍କୁ, ଅଗ୍ନି ନୀଳଙ୍କୁ, ଅଶ୍ୱିନୀ କୁମାର ଦ୍ୱୟ ମୈନ୍ଦ ଓ ଦ୍ୱିବିଦଙ୍କୁ, ବରୁଣ ସୁଷେଣଙ୍କୁ ଏବଂ ପର୍ଜନ୍ୟ ଶରଭଙ୍କୁ ସୃଷ୍ଟି କଲେ। ପବନ ଦେବ ହନୁମାନଙ୍କୁ ସୃଷ୍ଟି କଲେ। ସେମାନେ ସମସ୍ତେ ମହାବଳୀ ଓ ପରାକ୍ରମୀ ଥିଲେ।

ସେ ସୃଷ୍ଟି କଲେ। ସର୍ବାପେକ୍ଷା ବୁଦ୍ଧିମାନ ଓ ବଳବାନ ହନୁମାନଙ୍କୁ ବାୟୁ ଉତ୍ପାଦନ କଲେ।

ଅଶ୍ୱମେଧ ଯଜ୍ଞ ସମାପ୍ତି ହେବାପରେ ଆମନ୍ତ୍ରିତ ଅତିଥି ଓ ଅନ୍ୟମାନେ ଫେରିଗଲେ। ଋଷ୍ୟଶୃଙ୍ଗ ମଧ୍ୟ ନିଜ ଦେଶକୁ ଫେରିଲେ। ଦ୍ୱାଦଶ ମାସ ପୂର୍ଣ୍ଣ ହୋଇବା କୌଶଲ୍ୟା ଚୈତ୍ର ନବମୀ ତିଥି ପୁନର୍ବସୁ ନକ୍ଷତ୍ରରେ ରାମଙ୍କୁ ଜନ୍ମ କଲେ। କୈକେୟୀ ପୁଷ୍ୟା ନକ୍ଷତ୍ରରେ ଭରତଙ୍କୁ ଏବଂ ସୁମିତ୍ରା ଲକ୍ଷ୍ମଣ ଓ ଶତ୍ରୁଘ୍ନଙ୍କୁ ଜନ୍ମ ଦେଲେ। ଗନ୍ଧର୍ବଗଣ ମଧୁର ସଂଗୀତ ଏବଂ ଅପସରାମାନେ ନୃତ୍ୟ କଲେ। ଦେବଗଣ ଦୁନ୍ଦୁଭି ଧ୍ୱନି ଏବଂ ଆକାଶରୁ ପୁଷ୍ପ ବୃଷ୍ଟି କଲେ। ଅଯୋଧ୍ୟା ଏହାର

ଦିନରେ ବଶିଷ୍ଠ ରାଜକୁମାରଙ୍କର ନାମ କରଣ କଲେ। ରାଜକୁମାରମାନେ ସମସ୍ତେ ବୀର ଓ ଲୋକହିତକର କାର୍ଯ୍ୟରେ ରତ, ଜ୍ଞାନବାନ ଓ ଗୁଣବାନ ହେଲେ। ଲକ୍ଷ୍ମଣ ବାଲ୍ୟକାଳରୁ ରାମଙ୍କ ପାଖେ ପାଖେ ରହିବା ପାଇଁ ଭଲ ପାଉଥିଲେ। ଦିନେ ଦଶରଥ ପୁରୋହିତ ଓ ମନ୍ତ୍ରୀଗଣଙ୍କ ସହିତ ପୁତ୍ର ମାନଙ୍କ ବିବାହ ସମ୍ବନ୍ଧରେ ଆଲୋଚନା କରୁଥିବାବେଳେ ମହାମୁନି ବିଶ୍ୱାମିତ୍ର ସେଠାରେ ଉପସ୍ଥିତ ହେଲେ। ତାଙ୍କୁ ଅର୍ଘ୍ୟ ଓ ପାଦବନ୍ଦନା କରି ରାଜା ଦଶରଥ କୁଶଳ ଜିଜ୍ଞାସା କରି କହିଲେ, ନିଃସନ୍ତାନର ପୁତ୍ର ହେଲେ, ହଜି ଯାଇଥିବା ବସ୍ତୁର ପୁନରୁଦ୍ଧାର କଲେ ଯେପରି ମନ ପ୍ରଫୁଲ୍ଲ ହୁଏ ଆପଣଙ୍କ ଶୁଭାଗମନ ସେହିପରି ହର୍ଷ ଓ ପ୍ରଫୁଲ୍ଲତା ଆଣି ଦେଇଛି। ଆପଣଙ୍କ ଅଭୀଷ୍ଟ କ'ଣ? ମୁଁ ଉଦାର ଚିତ୍ତରେ ତାହା ପୂରଣ କରିବି। ଦଶରଥଙ୍କ ବାକ୍ୟ ଶୁଣି ସନ୍ତୁଷ୍ଟ ହେଲେ ବିଶ୍ୱାମିତ୍ର। କହିଲେ - ମୁଁ ଏକ ଯଜ୍ଞ ଆରମ୍ଭ କରିଛି। କିନ୍ତୁ ମାରୀଚ ଓ ସୁବାହୁ ନାମକ ଦୁଇ ରାକ୍ଷସ ଯଜ୍ଞରେ ବାଧା ଦେଉଛନ୍ତି। ସେମାନଙ୍କୁ ବଧ କରିବା ପାଇଁ ରାମଙ୍କୁ ମୋ ସହିତ ପଠାଇ ଦିଅନ୍ତୁ।

ଆପଣଙ୍କର ମହାବାହୁ ଜ୍ୟେଷ୍ଠପୁତ୍ର ରାମଙ୍କୁ ଦଶଦିନ ପାଇଁ ଦିଅନ୍ତୁ। ସେ ରାକ୍ଷସମାନଙ୍କୁ ସେ ବିନାଶ କରିବେ। ବିଶ୍ୱାମିତ୍ରଙ୍କ କଥା ଶୁଣି ରାଜା ମୂର୍ଚ୍ଛା ଗଲେ। ତାପରେ କହିଲେ ମୋ ପୁତ୍ର ରାମର ବୟସ ଷୋହଳରୁ କମ। ରାକ୍ଷସମାନଙ୍କ ସହିତ ଯୁଦ୍ଧ କରିବାର ଯୋଗ୍ୟତା ତା'ର ନାହିଁ। ବରଂ ସେନା ନେଇ ମୁଁ ନିଜେ ଯିବି ଏବଂ ରାକ୍ଷସମାନଙ୍କ ସଙ୍ଗେ ଯୁଦ୍ଧ କରିବି। ରାକ୍ଷସମାନେ କୂଟଯୋଦ୍ଧା, ରାମ ତାଙ୍କର ସମକକ୍ଷ ନୁହନ୍ତି। ରାମ ବିହୁନେ ମୁଁ ବଞ୍ଚି ରହିପାରିବି ନାହିଁ। ତାକୁ ଆପଣ ନେଇଯିବା ଉଚିତ ହେବନାହିଁ। ବିଶ୍ୱାମିତ୍ର କହିଲେ, ପୁଲସ୍ତ୍ୟ ବଂଶଜାତ ରାବଣ ନାମରେ ଜଣେ ରାକ୍ଷସ ଅଛି। (କ୍ରମଶଃ)
